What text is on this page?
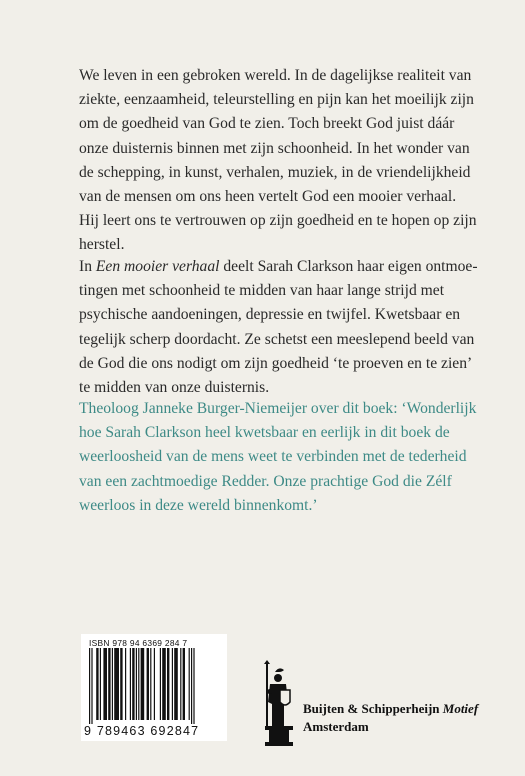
We leven in een gebroken wereld. In de dagelijkse realiteit van
ziekte, eenzaamheid, teleurstelling en pijn kan het moeilijk zijn
om de goedheid van God te zien. Toch breekt God juist dáár
onze duisternis binnen met zijn schoonheid. In het wonder van
de schepping, in kunst, verhalen, muziek, in de vriendelijkheid
van de mensen om ons heen vertelt God een mooier verhaal.
Hij leert ons te vertrouwen op zijn goedheid en te hopen op zijn
herstel.

In Een mooier verhaal deelt Sarah Clarkson haar eigen ontmoe-
tingen met schoonheid te midden van haar lange strijd met
psychische aandoeningen, depressie en twijfel. Kwetsbaar en
tegelijk scherp doordacht. Ze schetst een meeslepend beeld van
de God die ons nodigt om zijn goedheid ‘te proeven en te zien’
te midden van onze duisternis.

Theoloog Janneke Burger-Niemeijer over dit boek: ‘Wonderlijk
hoe Sarah Clarkson heel kwetsbaar en eerlijk in dit boek de
weerloosheid van de mens weet te verbinden met de tederheid
van een zachtmoedige Redder. Onze prachtige God die Zélf
weerloos in deze wereld binnenkomt.’

ISBN 978 94 6369 284 7
9 789463 692847
Buijten & Schipperheijn Motief
Amsterdam
